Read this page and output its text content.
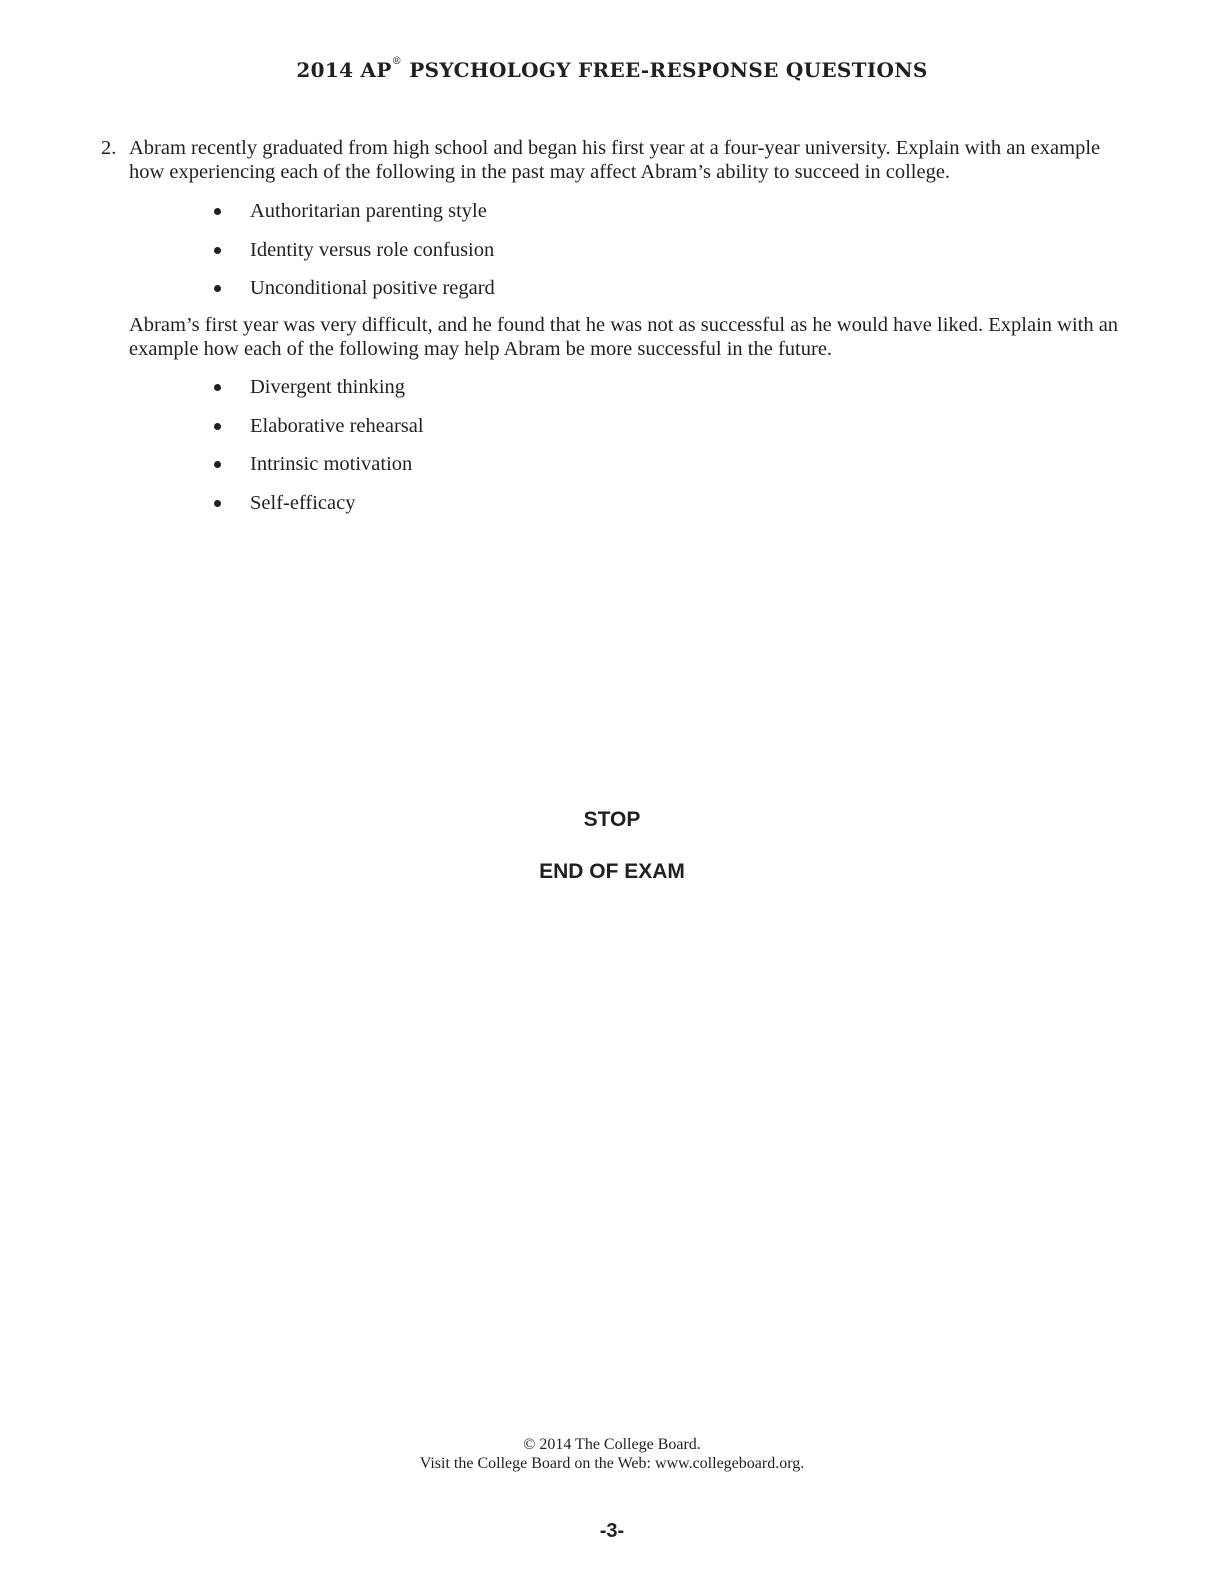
2014 AP® PSYCHOLOGY FREE-RESPONSE QUESTIONS
2. Abram recently graduated from high school and began his first year at a four-year university. Explain with an example how experiencing each of the following in the past may affect Abram’s ability to succeed in college.
Authoritarian parenting style
Identity versus role confusion
Unconditional positive regard
Abram’s first year was very difficult, and he found that he was not as successful as he would have liked. Explain with an example how each of the following may help Abram be more successful in the future.
Divergent thinking
Elaborative rehearsal
Intrinsic motivation
Self-efficacy
STOP
END OF EXAM
© 2014 The College Board.
Visit the College Board on the Web: www.collegeboard.org.
-3-
